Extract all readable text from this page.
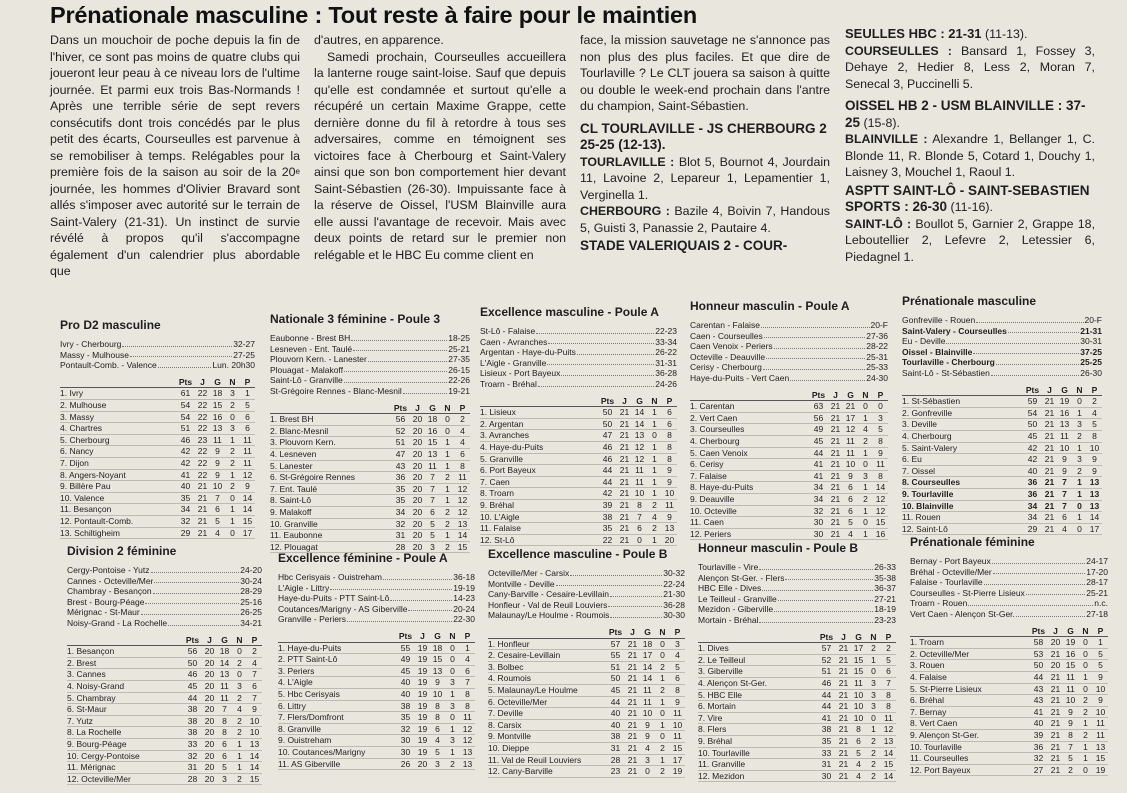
Prénationale masculine : Tout reste à faire pour le maintien

Dans un mouchoir de poche depuis la fin de l'hiver, ce sont pas moins de quatre clubs qui joueront leur peau à ce niveau lors de l'ultime journée. Et parmi eux trois Bas-Normands ! Après une terrible série de sept revers consécutifs dont trois concédés par le plus petit des écarts, Courseulles est parvenue à se remobiliser à temps. Relégables pour la première fois de la saison au soir de la 20e journée, les hommes d'Olivier Bravard sont allés s'imposer avec autorité sur le terrain de Saint-Valery (21-31). Un instinct de survie révélé à propos qu'il s'accompagne également d'un calendrier plus abordable que

d'autres, en apparence.

Samedi prochain, Courseulles accueillera la lanterne rouge saint-loise. Sauf que depuis qu'elle est condamnée et surtout qu'elle a récupéré un certain Maxime Grappe, cette dernière donne du fil à retordre à tous ses adversaires, comme en témoignent ses victoires face à Cherbourg et Saint-Valery ainsi que son bon comportement hier devant Saint-Sébastien (26-30). Impuissante face à la réserve de Oissel, l'USM Blainville aura elle aussi l'avantage de recevoir. Mais avec deux points de retard sur le premier non relégable et le HBC Eu comme client en

face, la mission sauvetage ne s'annonce pas non plus des plus faciles. Et que dire de Tourlaville ? Le CLT jouera sa saison à quitte ou double le week-end prochain dans l'antre du champion, Saint-Sébastien.

CL TOURLAVILLE - JS CHERBOURG 2 25-25 (12-13).

TOURLAVILLE : Blot 5, Bournot 4, Jourdain 11, Lavoine 2, Lepareur 1, Lepamentier 1, Verginella 1.

CHERBOURG : Bazile 4, Boivin 7, Handous 5, Guisti 3, Panassie 2, Pautaire 4.

STADE VALERIQUAIS 2 - COUR-

SEULLES HBC : 21-31 (11-13).

COURSEULLES : Bansard 1, Fossey 3, Dehaye 2, Hedier 8, Less 2, Moran 7, Senecal 3, Puccinelli 5.

OISSEL HB 2 - USM BLAINVILLE : 37-25 (15-8).

BLAINVILLE : Alexandre 1, Bellanger 1, C. Blonde 11, R. Blonde 5, Cotard 1, Douchy 1, Laisney 3, Mouchel 1, Raoul 1.

ASPTT SAINT-LÔ - SAINT-SEBASTIEN SPORTS : 26-30 (11-16).

SAINT-LÔ : Boullot 5, Garnier 2, Grappe 18, Leboutellier 2, Lefevre 2, Letessier 6, Piedagnel 1.

Pro D2 masculine
Ivry - Cherbourg	32-27
Massy - Mulhouse	27-25
Pontault-Comb. - Valence	Lun. 20h30
Pts J	G	N	P
1. Ivry	61 22 18 3	1
2. Mulhouse	54 22 15 2	5
3. Massy	54 22 16 0	6
4. Chartres	51 22 13 3	6
5. Cherbourg	46 23 11 1 11
6. Nancy	42 22 9	2 11
7. Dijon	42 22 9	2 11
8. Angers-Noyant	41 22 9	1 12
9. Billère Pau	40 21 10 2	9
10. Valence	35 21 7	0 14
11. Besançon	34 21 6	1 14
12. Pontault-Comb.	32 21 5	1 15
13. Schiltigheim	29 21 4	0 17
Nationale 3 féminine - Poule 3
Eaubonne - Brest BH	18-25
Lesneven - Ent. Taulé	25-21
Plouvorn Kern. - Lanester	27-35
Plouagat - Malakoff	26-15
Saint-Lô - Granville	22-26
St-Grégoire Rennes - Blanc-Mesnil	19-21
Pts J	G	N	P
1. Brest BH	56 20 18 0	2
2. Blanc-Mesnil	52 20 16 0	4
3. Plouvorn Kern.	51 20 15 1	4
4. Lesneven	47 20 13 1	6
5. Lanester	43 20 11 1	8
6. St-Grégoire Rennes	36 20 7	2 11
7. Ent. Taulé	35 20 7	1 12
8. Saint-Lô	35 20 7	1 12
9. Malakoff	34 20 6	2 12
10. Granville	32 20 5	2 13
11. Eaubonne	31 20 5	1 14
12. Plouagat	28 20 3	2 15
Excellence masculine - Poule A
St-Lô - Falaise	22-23
Caen - Avranches	33-34
Argentan - Haye-du-Puits	26-22
L'Aigle - Granville	31-31
Lisieux - Port Bayeux	36-28
Troarn - Bréhal	24-26
Pts J	G	N	P
1. Lisieux	50 21 14 1	6
2. Argentan	50 21 14 1	6
3. Avranches	47 21 13 0	8
4. Haye-du-Puits	46 21 12 1	8
5. Granville	46 21 12 1	8
6. Port Bayeux	44 21 11 1	9
7. Caen	44 21 11 1	9
8. Troarn	42 21 10 1 10
9. Bréhal	39 21 8	2 11
10. L'Aigle	38 21 7	4	9
11. Falaise	35 21 6	2 13
12. St-Lô	22 21 0	1 20
Honneur masculin - Poule A
Carentan - Falaise	20-F
Caen - Courseulles	27-36
Caen Venoix - Periers	28-22
Octeville - Deauville	25-31
Cerisy - Cherbourg	25-33
Haye-du-Puits - Vert Caen	24-30
Pts J	G	N	P
1. Carentan	63 21 21 0	0
2. Vert Caen	56 21 17 1	3
3. Courseulles	49 21 12 4	5
4. Cherbourg	45 21 11 2	8
5. Caen Venoix	44 21 11 1	9
6. Cerisy	41 21 10 0 11
7. Falaise	41 21 9	3	8
8. Haye-du-Puits	34 21 6	1 14
9. Deauville	34 21 6	2 12
10. Octeville	32 21 6	1 12
11. Caen	30 21 5	0 15
12. Periers	30 21 4	1 16
Prénationale masculine
Gonfreville - Rouen	20-F
Saint-Valery - Courseulles	21-31
Eu - Deville	30-31
Oissel - Blainville	37-25
Tourlaville - Cherbourg	25-25
Saint-Lô - St-Sébastien	26-30
Pts J	G	N	P
1. St-Sébastien	59 21 19 0	2
2. Gonfreville	54 21 16 1	4
3. Deville	50 21 13 3	5
4. Cherbourg	45 21 11 2	8
5. Saint-Valery	42 21 10 1 10
6. Eu	42 21 9	3	9
7. Oissel	40 21 9	2	9
8. Courseulles	36 21 7	1 13
9. Tourlaville	36 21 7	1 13
10. Blainville	34 21 7	0 13
11. Rouen	34 21 6	1 14
12. Saint-Lô	29 21 4	0 17
Division 2 féminine
Cergy-Pontoise - Yutz	24-20
Cannes - Octeville/Mer	30-24
Chambray - Besançon	28-29
Brest - Bourg-Péage	25-16
Mérignac - St-Maur	26-25
Noisy-Grand - La Rochelle	34-21
Pts J	G	N	P
1. Besançon	56 20 18 0	2
2. Brest	50 20 14 2	4
3. Cannes	46 20 13 0	7
4. Noisy-Grand	45 20 11 3	6
5. Chambray	44 20 11 2	7
6. St-Maur	38 20 7	4	9
7. Yutz	38 20 8	2 10
8. La Rochelle	38 20 8	2 10
9. Bourg-Péage	33 20 6	1 13
10. Cergy-Pontoise	32 20 6	1 14
11. Mérignac	31 20 5	1 14
12. Octeville/Mer	28 20 3	2 15
Excellence féminine - Poule A
Hbc Cerisyais - Ouistreham	36-18
L'Aigle - Littry	19-19
Haye-du-Puits - PTT Saint-Lô	14-23
Coutances/Marigny - AS Giberville	20-24
Granville - Periers	22-30
Pts J	G	N	P
1. Haye-du-Puits	55 19 18 0	1
2. PTT Saint-Lô	49 19 15 0	4
3. Periers	45 19 13 0	6
4. L'Aigle	40 19 9	3	7
5. Hbc Cerisyais	40 19 10 1	8
6. Littry	38 19 8	3	8
7. Flers/Domfront	35 19 8	0 11
8. Granville	32 19 6	1 12
9. Ouistreham	30 19 4	3 12
10. Coutances/Marigny	30 19 5	1 13
11. AS Giberville	26 20 3	2 13
Excellence masculine - Poule B
Octeville/Mer - Carsix	30-32
Montville - Deville	22-24
Cany-Barville - Cesaire-Levillain	21-30
Honfleur - Val de Reuil Louviers	36-28
Malaunay/Le Houlme - Roumois	30-30
Pts J	G	N	P
1. Honfleur	57 21 18 0	3
2. Cesaire-Levillain	55 21 17 0	4
3. Bolbec	51 21 14 2	5
4. Roumois	50 21 14 1	6
5. Malaunay/Le Houlme	45 21 11 2	8
6. Octeville/Mer	44 21 11 1	9
7. Deville	40 21 10 0 11
8. Carsix	40 21 9	1 10
9. Montville	38 21 9	0 11
10. Dieppe	31 21 4	2 15
11. Val de Reuil Louviers	28 21 3	1 17
12. Cany-Barville	23 21 0	2 19
Honneur masculin - Poule B
Tourlaville - Vire	26-33
Alençon St-Ger. - Flers	35-38
HBC Elle - Dives	36-37
Le Teilleul - Granville	27-21
Mezidon - Giberville	18-19
Mortain - Bréhal	23-23
Pts J	G	N	P
1. Dives	57 21 17 2	2
2. Le Teilleul	52 21 15 1	5
3. Giberville	51 21 15 0	6
4. Alençon St-Ger.	46 21 11 3	7
5. HBC Elle	44 21 10 3	8
6. Mortain	44 21 10 3	8
7. Vire	41 21 10 0 11
8. Flers	38 21 8	1 12
9. Bréhal	35 21 6	2 13
10. Tourlaville	33 21 5	2 14
11. Granville	31 21 4	2 15
12. Mezidon	30 21 4	2 14
Prénationale féminine
Bernay - Port Bayeux	24-17
Bréhal - Octeville/Mer	17-20
Falaise - Tourlaville	28-17
Courseulles - St-Pierre Lisieux	25-21
Troarn - Rouen	n.c.
Vert Caen - Alençon St-Ger.	27-18
Pts J	G	N	P
1. Troarn	58 20 19 0	1
2. Octeville/Mer	53 21 16 0	5
3. Rouen	50 20 15 0	5
4. Falaise	44 21 11 1	9
5. St-Pierre Lisieux	43 21 11 0 10
6. Bréhal	43 21 10 2	9
7. Bernay	41 21 9	2 10
8. Vert Caen	40 21 9	1 11
9. Alençon St-Ger.	39 21 8	2 11
10. Tourlaville	36 21 7	1 13
11. Courseulles	32 21 5	1 15
12. Port Bayeux	27 21 2	0 19
